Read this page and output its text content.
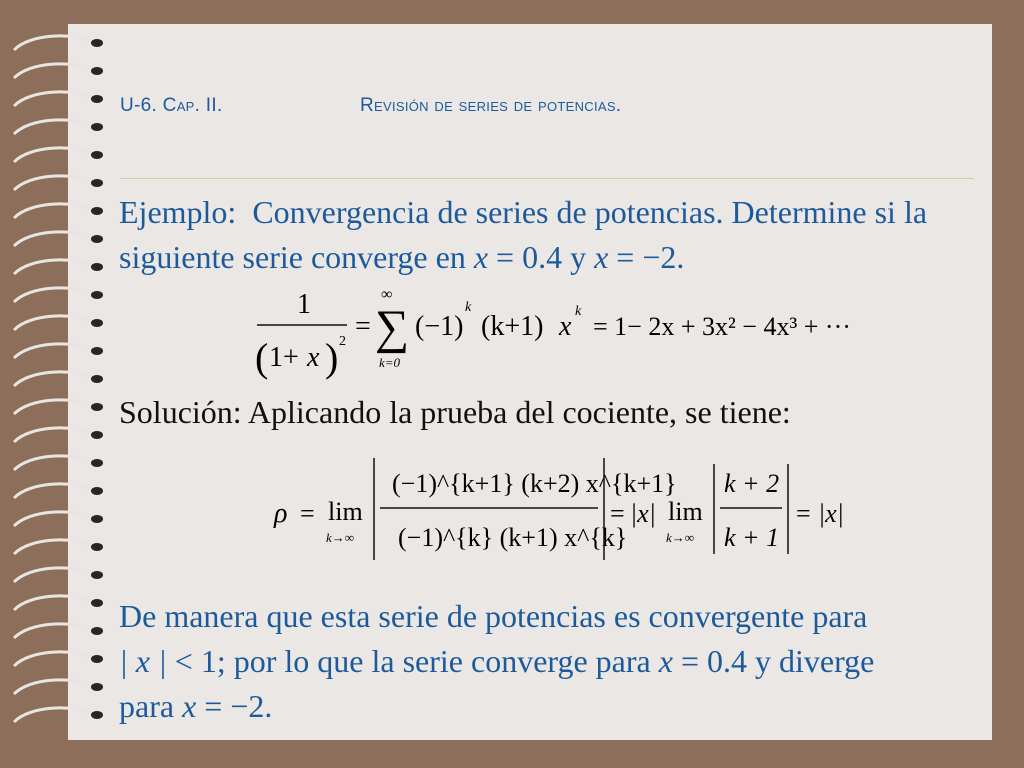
U-6. Cap. II.	Revisión de series de potencias.
Ejemplo: Convergencia de series de potencias. Determine si la siguiente serie converge en x = 0.4 y x = −2.
1
( 1+ x ) 2 =
∞
∑
k=0
(−1)
k
(k+1) x k
= 1− 2x + 3x² − 4x³ + ···
Solución: Aplicando la prueba del cociente, se tiene:
ρ = lim
k→∞
(−1)^{k+1} (k+2) x^{k+1}
(−1)^{k} (k+1) x^{k}
= |x| lim
k→∞
k + 2
k + 1
= |x|
De manera que esta serie de potencias es convergente para
| x | < 1; por lo que la serie converge para x = 0.4 y diverge
para x = −2.
